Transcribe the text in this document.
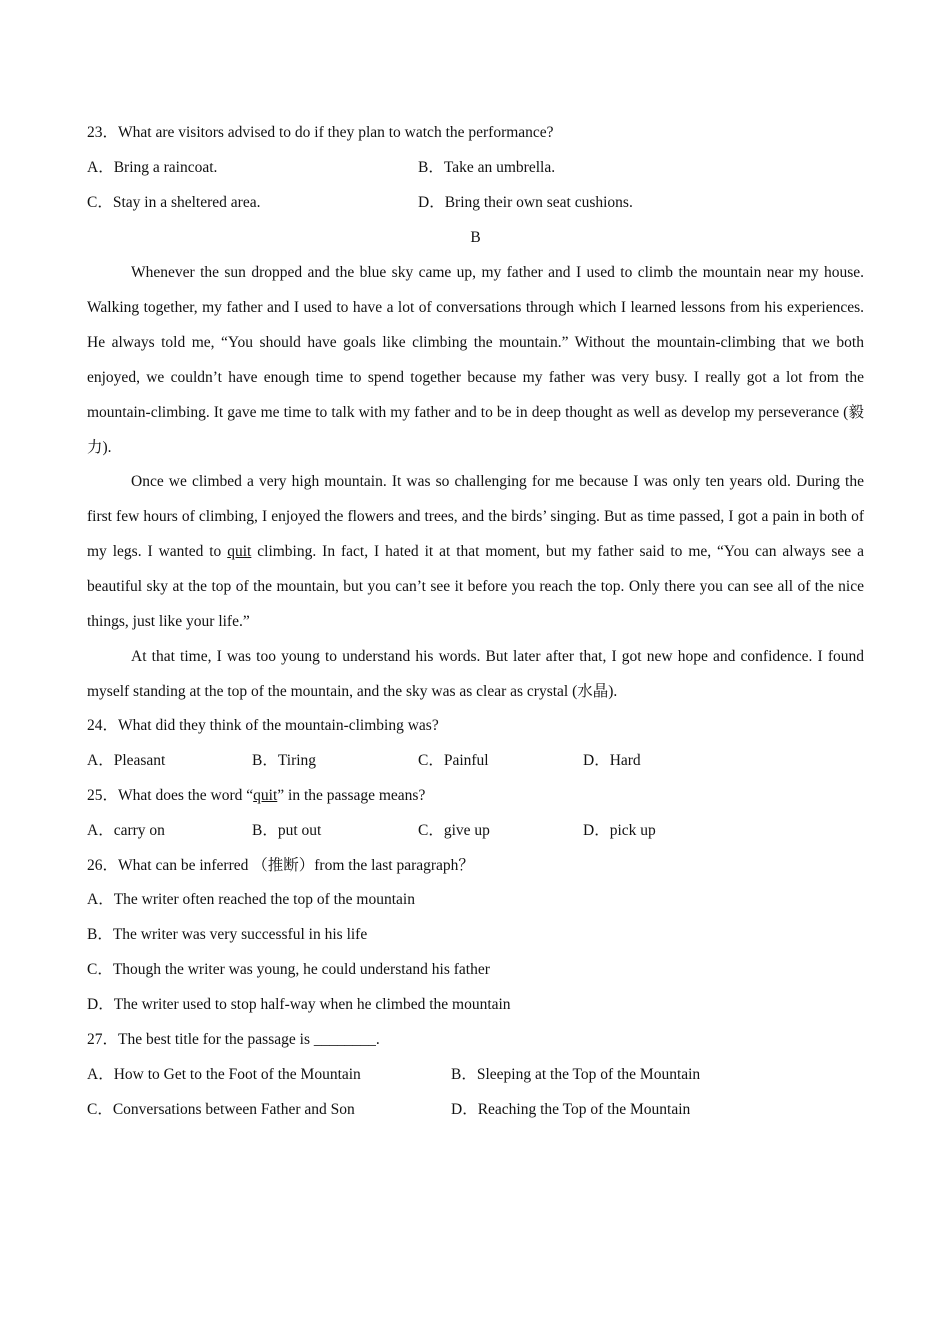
23．What are visitors advised to do if they plan to watch the performance?
A．Bring a raincoat.	B．Take an umbrella.
C．Stay in a sheltered area.	D．Bring their own seat cushions.
B
Whenever the sun dropped and the blue sky came up, my father and I used to climb the mountain near my house. Walking together, my father and I used to have a lot of conversations through which I learned lessons from his experiences. He always told me, “You should have goals like climbing the mountain.” Without the mountain-climbing that we both enjoyed, we couldn’t have enough time to spend together because my father was very busy. I really got a lot from the mountain-climbing. It gave me time to talk with my father and to be in deep thought as well as develop my perseverance (毅力).
Once we climbed a very high mountain. It was so challenging for me because I was only ten years old. During the first few hours of climbing, I enjoyed the flowers and trees, and the birds’ singing. But as time passed, I got a pain in both of my legs. I wanted to quit climbing. In fact, I hated it at that moment, but my father said to me, “You can always see a beautiful sky at the top of the mountain, but you can’t see it before you reach the top. Only there you can see all of the nice things, just like your life.”
At that time, I was too young to understand his words. But later after that, I got new hope and confidence. I found myself standing at the top of the mountain, and the sky was as clear as crystal (水晶).
24．What did they think of the mountain-climbing was?
A．Pleasant	B．Tiring	C．Painful	D．Hard
25．What does the word “quit” in the passage means?
A．carry on	B．put out	C．give up	D．pick up
26．What can be inferred （推断）from the last paragraph？
A．The writer often reached the top of the mountain
B．The writer was very successful in his life
C．Though the writer was young, he could understand his father
D．The writer used to stop half-way when he climbed the mountain
27．The best title for the passage is ________.
A．How to Get to the Foot of the Mountain	B．Sleeping at the Top of the Mountain
C．Conversations between Father and Son	D．Reaching the Top of the Mountain
